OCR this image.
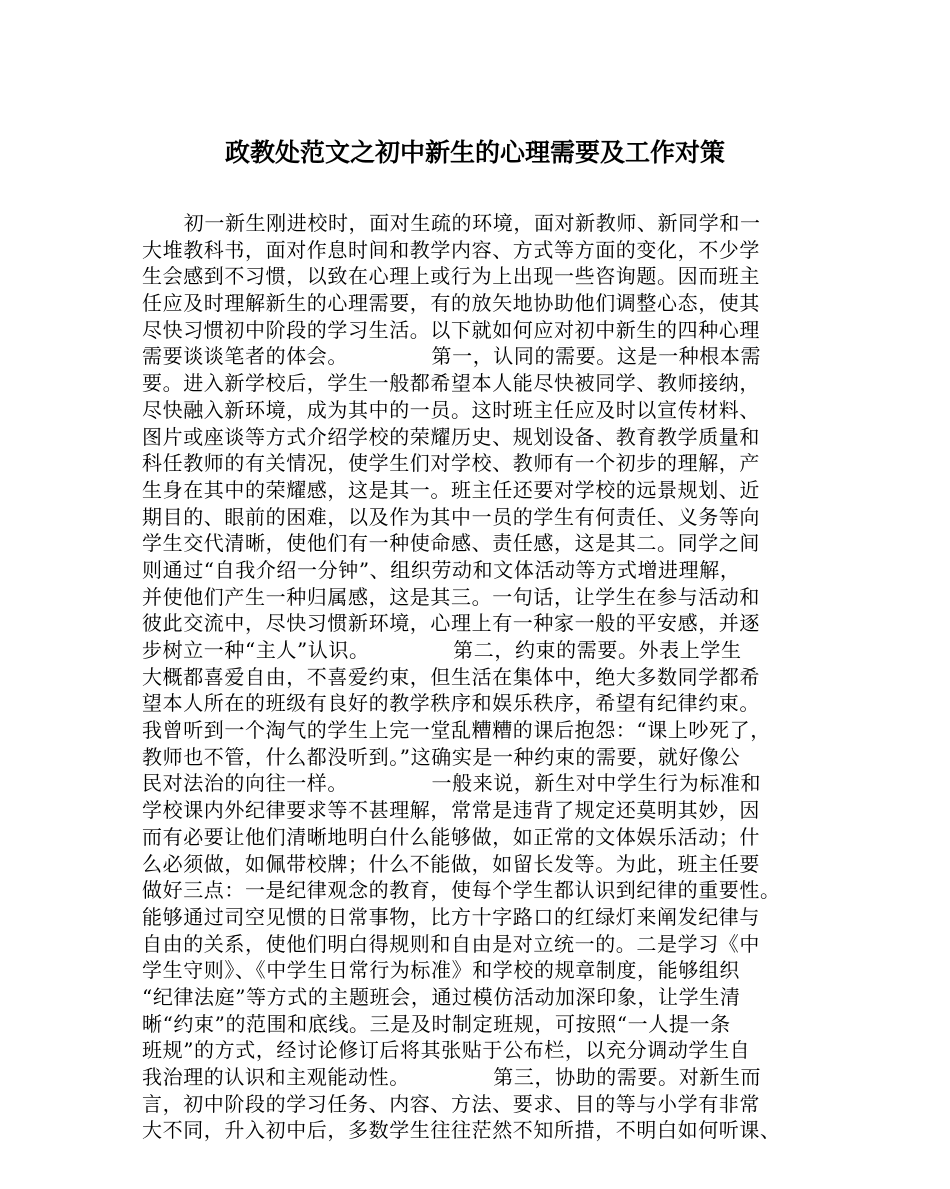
政教处范文之初中新生的心理需要及工作对策
初一新生刚进校时，面对生疏的环境，面对新教师、新同学和一
大堆教科书，面对作息时间和教学内容、方式等方面的变化，不少学
生会感到不习惯，以致在心理上或行为上出现一些咨询题。因而班主
任应及时理解新生的心理需要，有的放矢地协助他们调整心态，使其
尽快习惯初中阶段的学习生活。以下就如何应对初中新生的四种心理
需要谈谈笔者的体会。            第一，认同的需要。这是一种根本需
要。进入新学校后，学生一般都希望本人能尽快被同学、教师接纳，
尽快融入新环境，成为其中的一员。这时班主任应及时以宣传材料、
图片或座谈等方式介绍学校的荣耀历史、规划设备、教育教学质量和
科任教师的有关情况，使学生们对学校、教师有一个初步的理解，产
生身在其中的荣耀感，这是其一。班主任还要对学校的远景规划、近
期目的、眼前的困难，以及作为其中一员的学生有何责任、义务等向
学生交代清晰，使他们有一种使命感、责任感，这是其二。同学之间
则通过“自我介绍一分钟”、组织劳动和文体活动等方式增进理解，
并使他们产生一种归属感，这是其三。一句话，让学生在参与活动和
彼此交流中，尽快习惯新环境，心理上有一种家一般的平安感，并逐
步树立一种“主人”认识。            第二，约束的需要。外表上学生
大概都喜爱自由，不喜爱约束，但生活在集体中，绝大多数同学都希
望本人所在的班级有良好的教学秩序和娱乐秩序，希望有纪律约束。
我曾听到一个淘气的学生上完一堂乱糟糟的课后抱怨：“课上吵死了，
教师也不管，什么都没听到。”这确实是一种约束的需要，就好像公
民对法治的向往一样。            一般来说，新生对中学生行为标准和
学校课内外纪律要求等不甚理解，常常是违背了规定还莫明其妙，因
而有必要让他们清晰地明白什么能够做，如正常的文体娱乐活动；什
么必须做，如佩带校牌；什么不能做，如留长发等。为此，班主任要
做好三点：一是纪律观念的教育，使每个学生都认识到纪律的重要性。
能够通过司空见惯的日常事物，比方十字路口的红绿灯来阐发纪律与
自由的关系，使他们明白得规则和自由是对立统一的。二是学习《中
学生守则》、《中学生日常行为标准》和学校的规章制度，能够组织
“纪律法庭”等方式的主题班会，通过模仿活动加深印象，让学生清
晰“约束”的范围和底线。三是及时制定班规，可按照“一人提一条
班规”的方式，经讨论修订后将其张贴于公布栏，以充分调动学生自
我治理的认识和主观能动性。            第三，协助的需要。对新生而
言，初中阶段的学习任务、内容、方法、要求、目的等与小学有非常
大不同，升入初中后，多数学生往往茫然不知所措，不明白如何听课、
